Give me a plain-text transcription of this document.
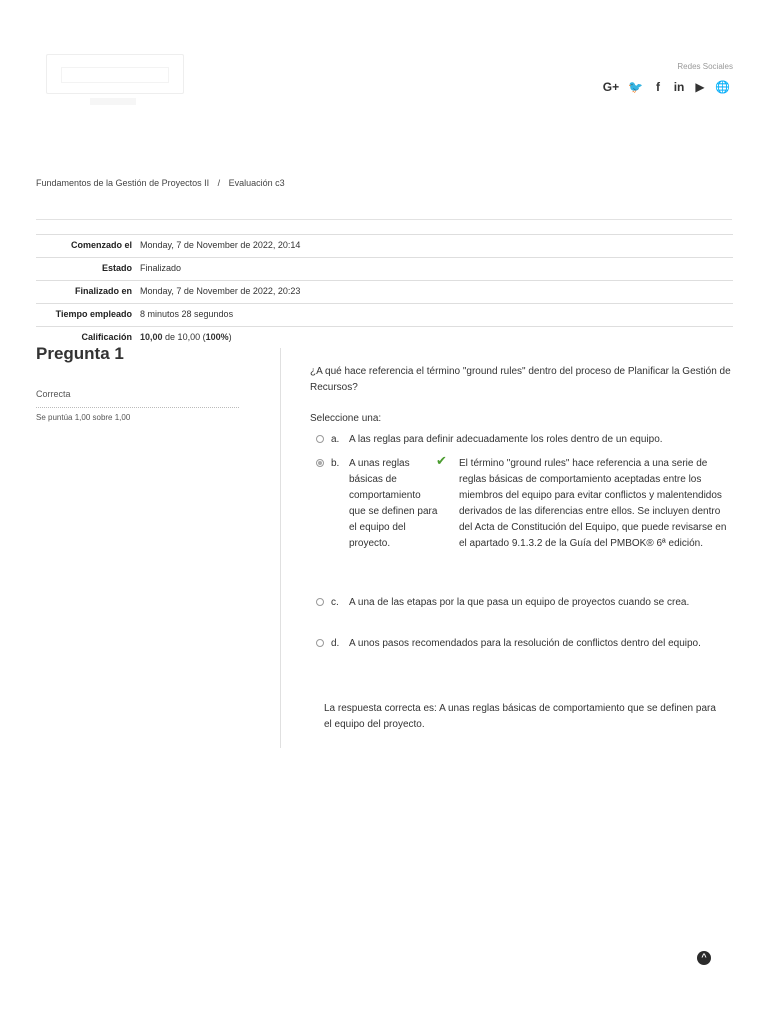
Redes Sociales
G+ 🐦	f	in ▶ 🌐
Fundamentos de la Gestión de Proyectos II / Evaluación c3
Comenzado el	Monday, 7 de November de 2022, 20:14
Estado	Finalizado
Finalizado en	Monday, 7 de November de 2022, 20:23
Tiempo empleado	8 minutos 28 segundos
Calificación	10,00 de 10,00 (100%)
Pregunta 1
Correcta
Se puntúa 1,00 sobre 1,00
¿A qué hace referencia el término "ground rules" dentro del proceso de Planificar la Gestión de Recursos?
Seleccione una:
a. A las reglas para definir adecuadamente los roles dentro de un equipo.
b. A unas reglas básicas de comportamiento que se definen para el equipo del proyecto.
✔ El término "ground rules" hace referencia a una serie de reglas básicas de comportamiento aceptadas entre los miembros del equipo para evitar conflictos y malentendidos derivados de las diferencias entre ellos. Se incluyen dentro del Acta de Constitución del Equipo, que puede revisarse en el apartado 9.1.3.2 de la Guía del PMBOK® 6ª edición.
c. A una de las etapas por la que pasa un equipo de proyectos cuando se crea.
d. A unos pasos recomendados para la resolución de conflictos dentro del equipo.
La respuesta correcta es: A unas reglas básicas de comportamiento que se definen para el equipo del proyecto.
^
